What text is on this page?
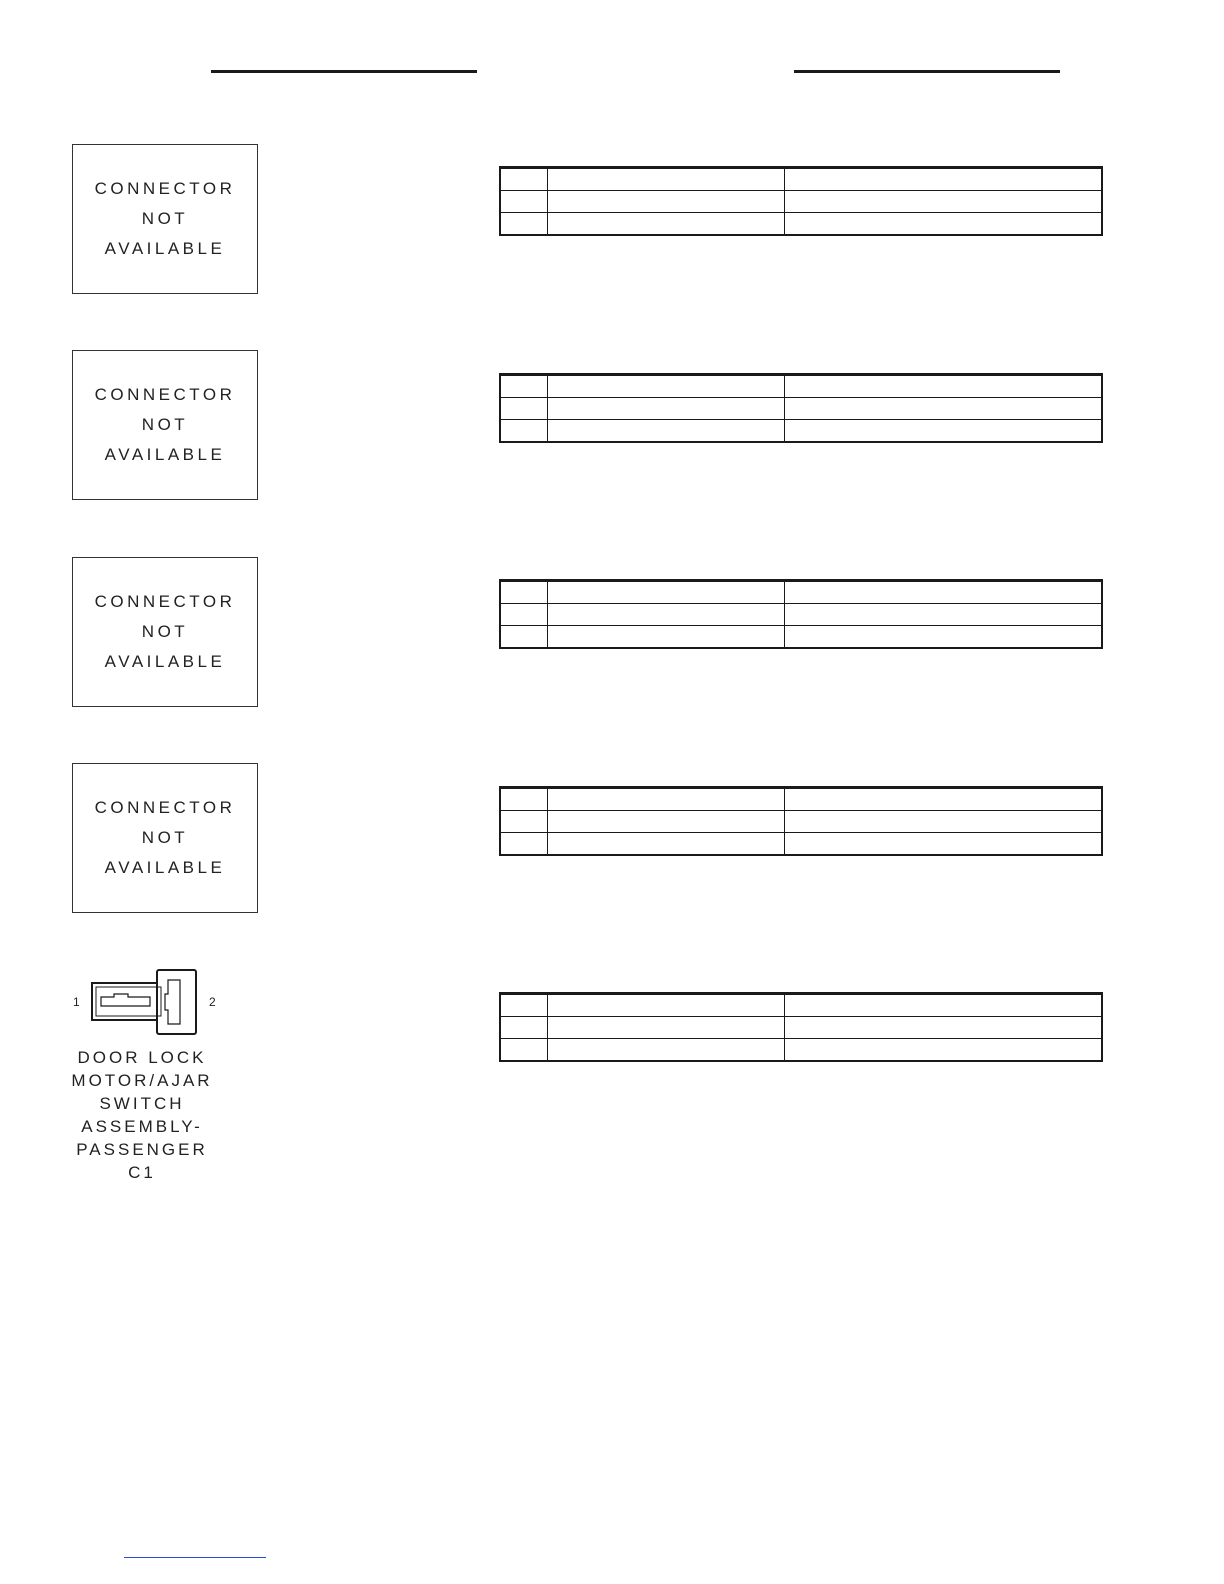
CONNECTOR
NOT
AVAILABLE
CONNECTOR
NOT
AVAILABLE
CONNECTOR
NOT
AVAILABLE
CONNECTOR
NOT
AVAILABLE

1	2
DOOR LOCK
MOTOR/AJAR
SWITCH
ASSEMBLY-
PASSENGER C1
